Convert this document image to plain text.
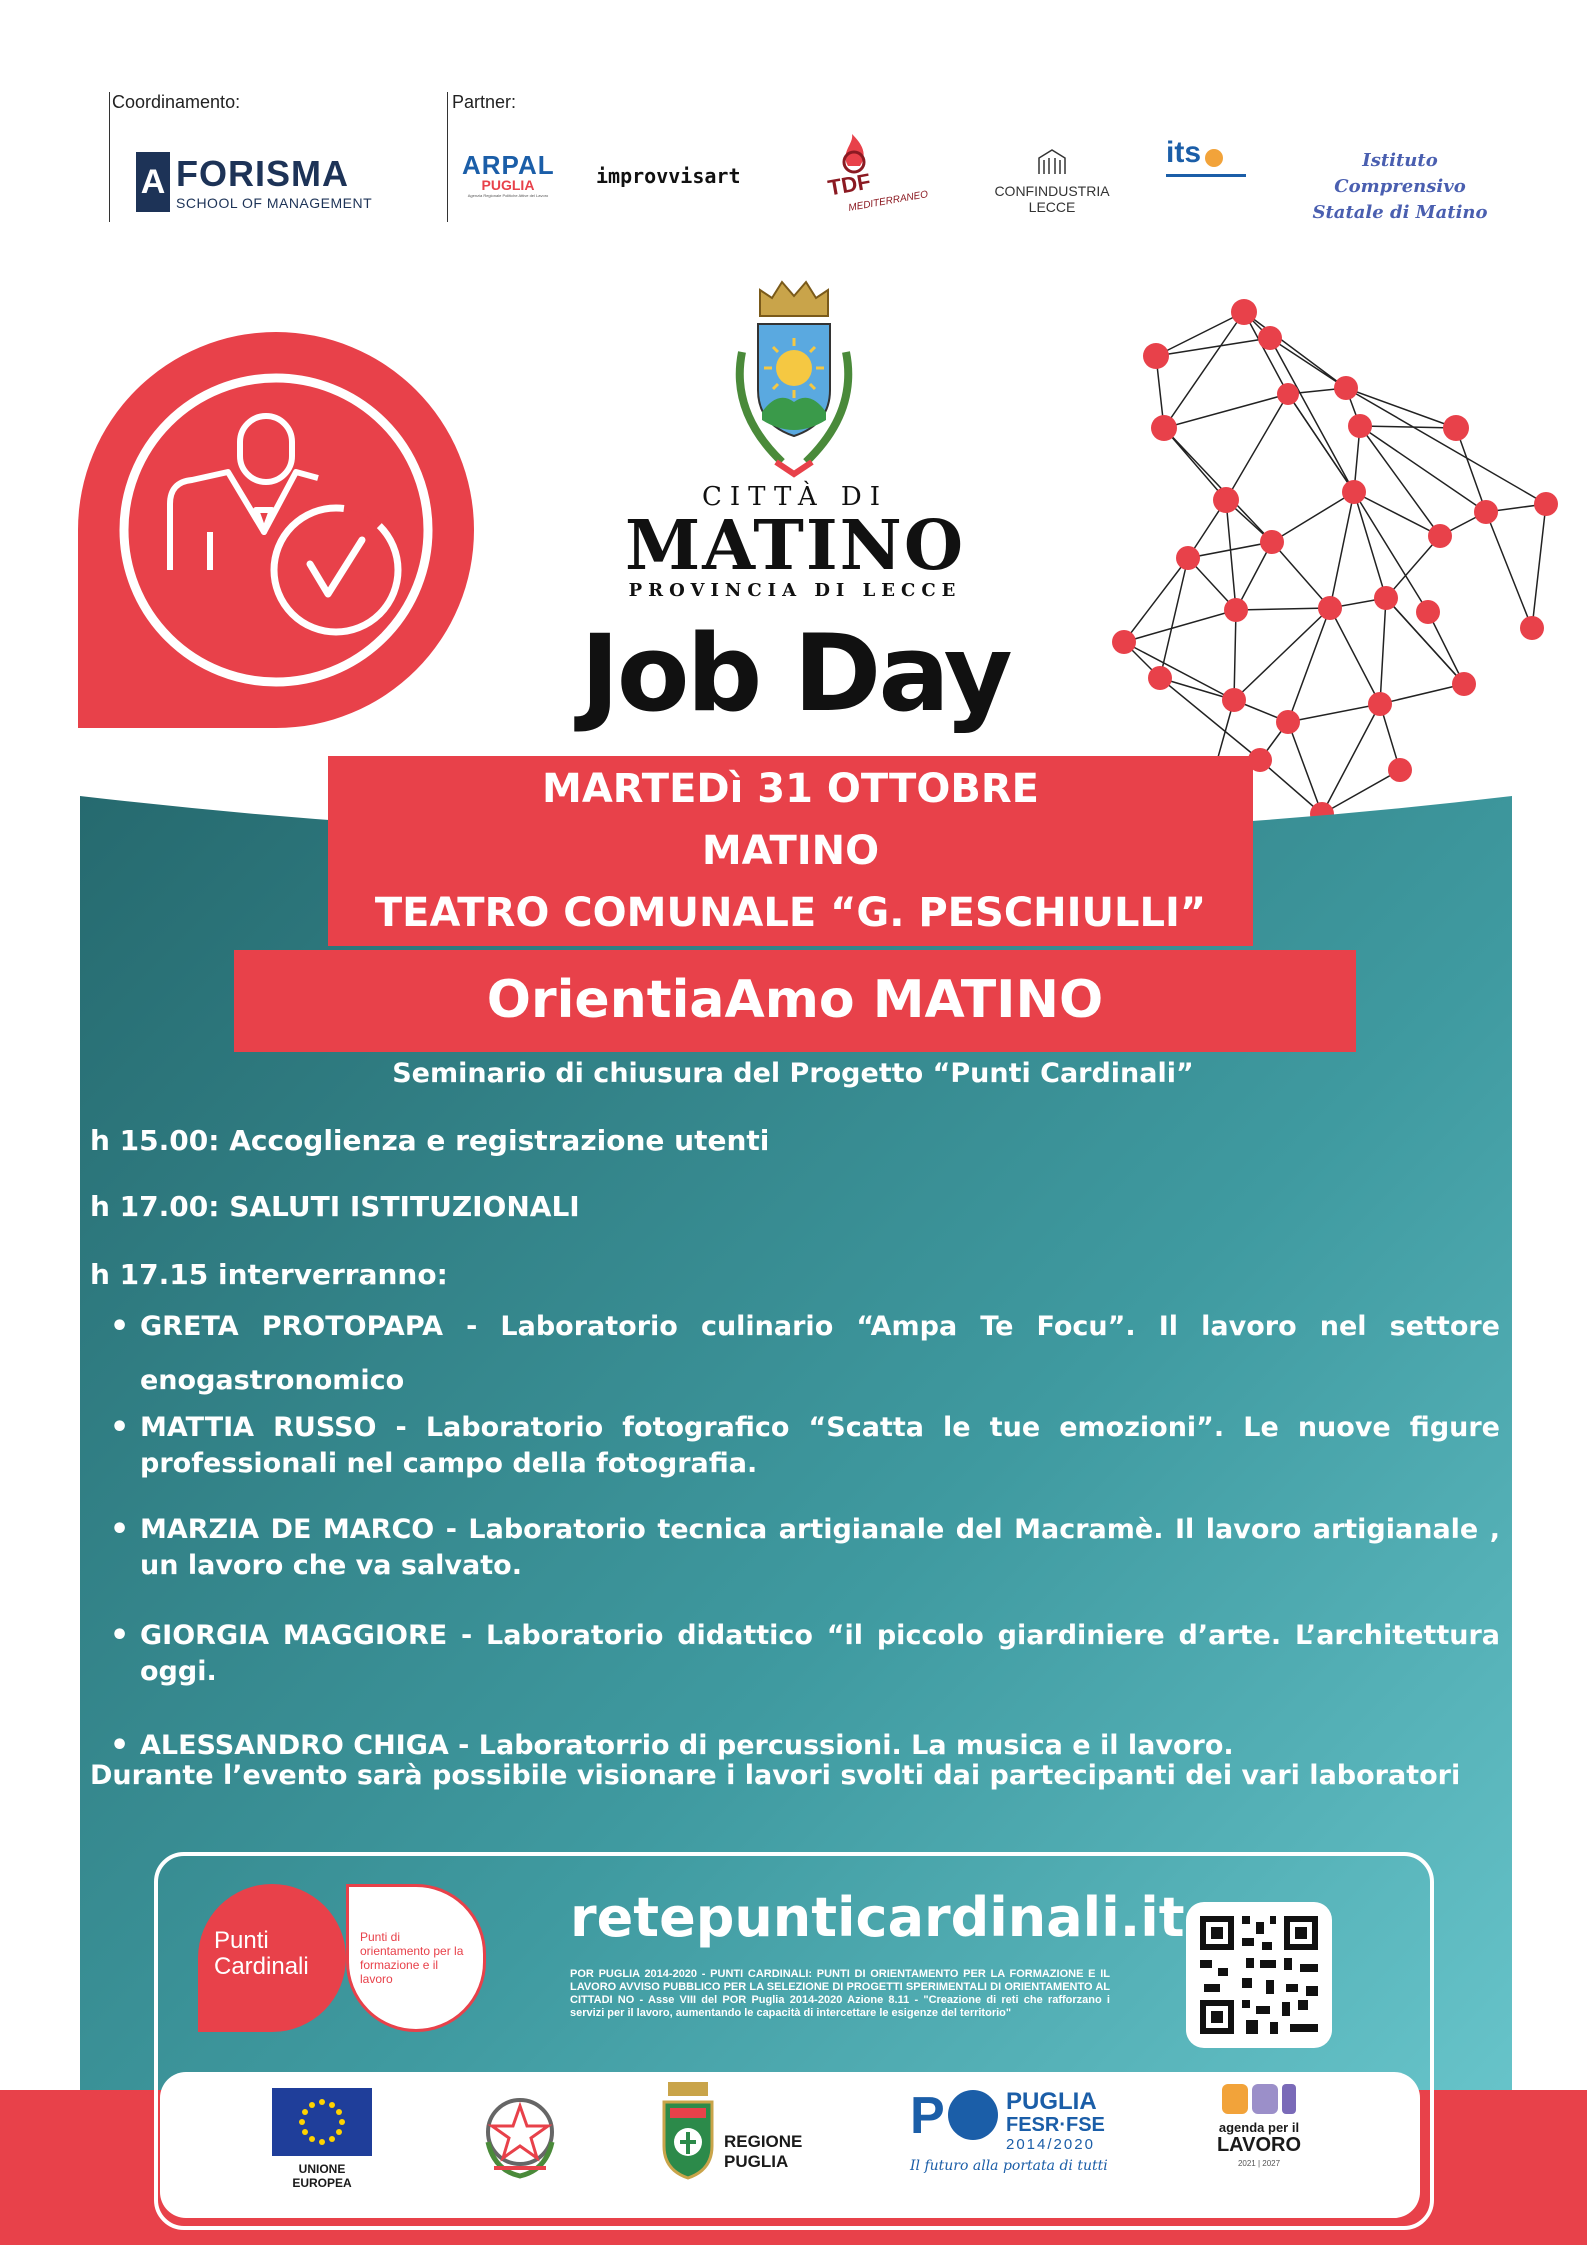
Coordinamento:	Partner:
A FORISMA
SCHOOL OF MANAGEMENT
ARPAL
PUGLIA
Agenzia Regionale Politiche Attive del Lavoro
improvvisart	TDF
MEDITERRANEO	CONFINDUSTRIA LECCE
its	Istituto Comprensivo Statale di Matino
CITTÀ DI
MATINO
PROVINCIA DI LECCE
Job Day
MARTEDì 31 OTTOBRE
MATINO
TEATRO COMUNALE “G. PESCHIULLI”
OrientiaAmo MATINO
Seminario di chiusura del Progetto “Punti Cardinali”
h 15.00: Accoglienza e registrazione utenti
h 17.00: SALUTI ISTITUZIONALI
h 17.15 interverranno:
• GRETA PROTOPAPA - Laboratorio culinario “Ampa Te Focu”. Il lavoro nel settore enogastronomico
• MATTIA RUSSO - Laboratorio fotografico “Scatta le tue emozioni”. Le nuove figure professionali nel campo della fotografia.
• MARZIA DE MARCO - Laboratorio tecnica artigianale del Macramè. Il lavoro artigianale , un lavoro che va salvato.
• GIORGIA MAGGIORE - Laboratorio didattico “il piccolo giardiniere d’arte. L’architettura oggi.
• ALESSANDRO CHIGA - Laboratorrio di percussioni. La musica e il lavoro.
Durante l’evento sarà possibile visionare i lavori svolti dai partecipanti dei vari laboratori
Punti Cardinali
Punti di orientamento per la formazione e il lavoro
retepunticardinali.it
POR PUGLIA 2014-2020 - PUNTI CARDINALI: PUNTI DI ORIENTAMENTO PER LA FORMAZIONE E IL LAVORO AVVISO PUBBLICO PER LA SELEZIONE DI PROGETTI SPERIMENTALI DI ORIENTAMENTO AL CITTADI NO - Asse VIII del POR Puglia 2014-2020 Azione 8.11 - "Creazione di reti che rafforzano i servizi per il lavoro, aumentando le capacità di intercettare le esigenze del territorio"
UNIONE EUROPEA
REGIONE PUGLIA
P	PUGLIA
FESR·FSE
2014/2020
Il futuro alla portata di tutti
agenda per il
LAVORO
2021 | 2027
